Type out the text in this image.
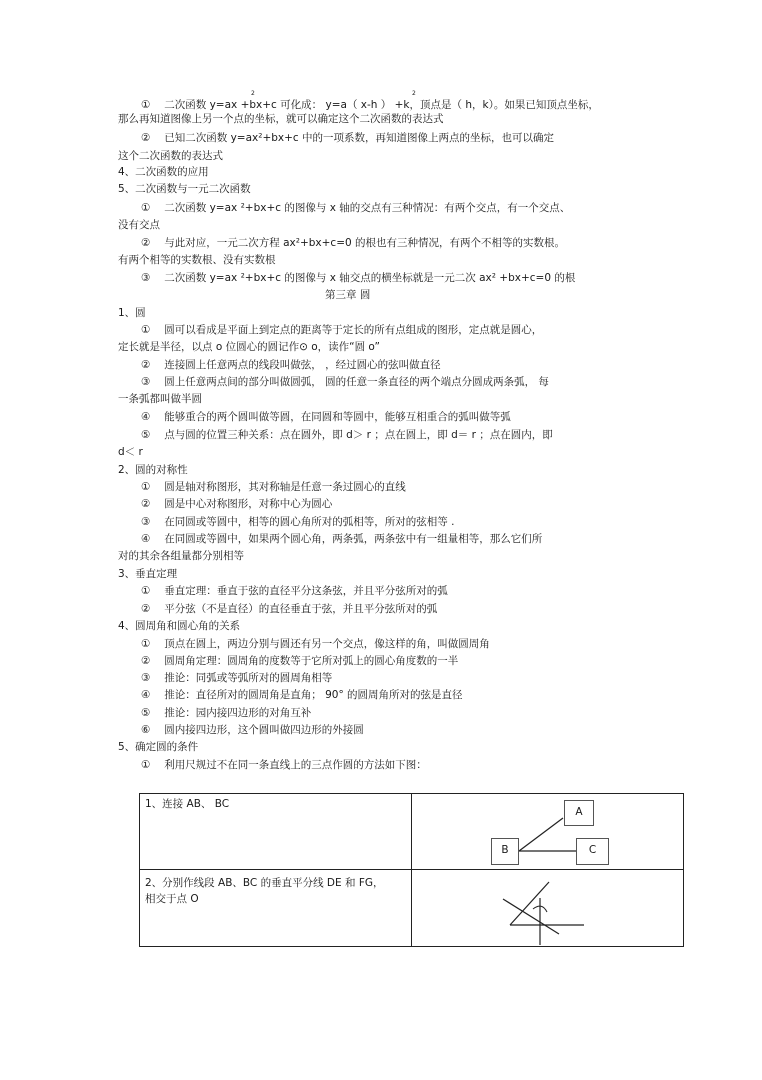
2	2
①　 二次函数 y=ax +bx+c 可化成： y=a（ x-h ） +k，顶点是（ h，k）。如果已知顶点坐标，
那么再知道图像上另一个点的坐标，就可以确定这个二次函数的表达式
②　 已知二次函数 y=ax²+bx+c 中的一项系数，再知道图像上两点的坐标，也可以确定
这个二次函数的表达式
4、二次函数的应用
5、二次函数与一元二次函数
①　 二次函数 y=ax ²+bx+c 的图像与 x 轴的交点有三种情况：有两个交点，有一个交点、
没有交点
②　 与此对应，一元二次方程 ax²+bx+c=0 的根也有三种情况，有两个不相等的实数根。
有两个相等的实数根、没有实数根
③　 二次函数 y=ax ²+bx+c 的图像与 x 轴交点的横坐标就是一元二次 ax² +bx+c=0 的根
第三章 圆
1、圆
①　 圆可以看成是平面上到定点的距离等于定长的所有点组成的图形，定点就是圆心，
定长就是半径，以点 o 位圆心的圆记作⊙ o，读作“圆 o”
②　 连接圆上任意两点的线段叫做弦， ，经过圆心的弦叫做直径
③　 圆上任意两点间的部分叫做圆弧， 圆的任意一条直径的两个端点分圆成两条弧， 每
一条弧都叫做半圆
④　 能够重合的两个圆叫做等圆，在同圆和等圆中，能够互相重合的弧叫做等弧
⑤　 点与圆的位置三种关系：点在圆外，即 d＞ r ；点在圆上，即 d＝ r ；点在圆内，即
d＜ r
2、圆的对称性
①　 圆是轴对称图形，其对称轴是任意一条过圆心的直线
②　 圆是中心对称图形，对称中心为圆心
③　 在同圆或等圆中，相等的圆心角所对的弧相等，所对的弦相等 .
④　 在同圆或等圆中，如果两个圆心角，两条弧，两条弦中有一组量相等，那么它们所
对的其余各组量都分别相等
3、垂直定理
①　 垂直定理：垂直于弦的直径平分这条弦，并且平分弦所对的弧
②　 平分弦（不是直径）的直径垂直于弦，并且平分弦所对的弧
4、圆周角和圆心角的关系
①　 顶点在圆上，两边分别与圆还有另一个交点，像这样的角，叫做圆周角
②　 圆周角定理：圆周角的度数等于它所对弧上的圆心角度数的一半
③　 推论：同弧或等弧所对的圆周角相等
④　 推论：直径所对的圆周角是直角； 90° 的圆周角所对的弦是直径
⑤　 推论：园内接四边形的对角互补
⑥　 圆内接四边形，这个圆叫做四边形的外接圆
5、确定圆的条件
①　 利用尺规过不在同一条直线上的三点作圆的方法如下图：
1、连接 AB、 BC
A
B	C
2、分别作线段 AB、BC 的垂直平分线 DE 和 FG，
相交于点 O
